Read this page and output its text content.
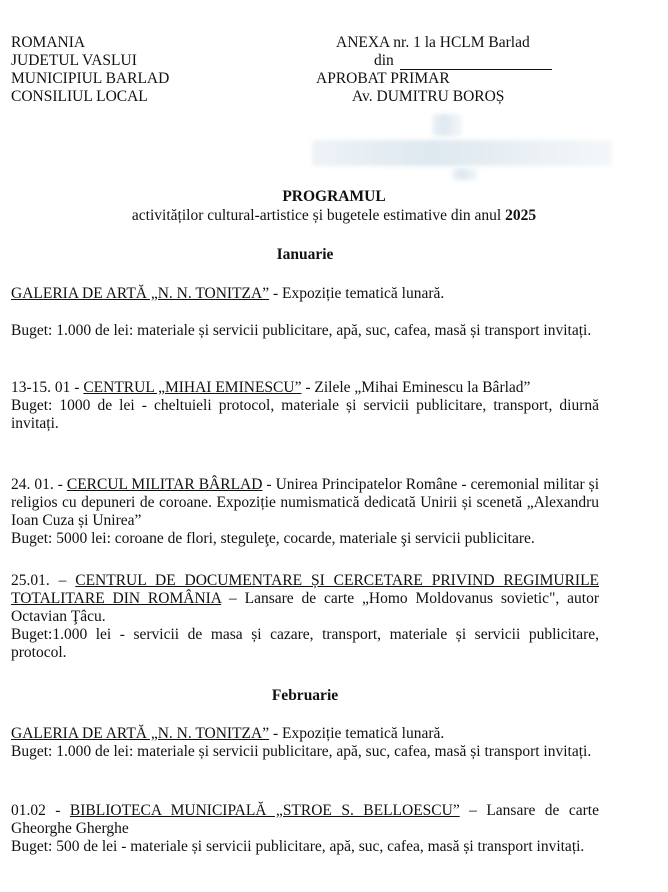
ROMANIA
JUDETUL VASLUI
MUNICIPIUL BARLAD
CONSILIUL LOCAL
ANEXA nr. 1 la HCLM Barlad
din
APROBAT PRIMAR
Av. DUMITRU BOROȘ
PROGRAMUL
activităților cultural-artistice și bugetele estimative din anul 2025
Ianuarie

GALERIA DE ARTĂ „N. N. TONITZA” - Expoziție tematică lunară.

Buget: 1.000 de lei: materiale și servicii publicitare, apă, suc, cafea, masă și transport invitați.

13-15. 01 - CENTRUL „MIHAI EMINESCU” - Zilele „Mihai Eminescu la Bârlad”

Buget: 1000 de lei - cheltuieli protocol, materiale și servicii publicitare, transport, diurnă invitați.

24. 01. - CERCUL MILITAR BÂRLAD - Unirea Principatelor Române - ceremonial militar și religios cu depuneri de coroane. Expoziție numismatică dedicată Unirii și scenetă „Alexandru Ioan Cuza și Unirea”

Buget: 5000 lei: coroane de flori, steguleţe, cocarde, materiale şi servicii publicitare.

25.01. – CENTRUL DE DOCUMENTARE ȘI CERCETARE PRIVIND REGIMURILE TOTALITARE DIN ROMÂNIA – Lansare de carte „Homo Moldovanus sovietic", autor Octavian Ţâcu.

Buget:1.000 lei - servicii de masa și cazare, transport, materiale și servicii publicitare, protocol.

Februarie

GALERIA DE ARTĂ „N. N. TONITZA” - Expoziție tematică lunară.

Buget: 1.000 de lei: materiale și servicii publicitare, apă, suc, cafea, masă și transport invitați.

01.02 - BIBLIOTECA MUNICIPALĂ „STROE S. BELLOESCU” – Lansare de carte Gheorghe Gherghe

Buget: 500 de lei - materiale și servicii publicitare, apă, suc, cafea, masă și transport invitați.
